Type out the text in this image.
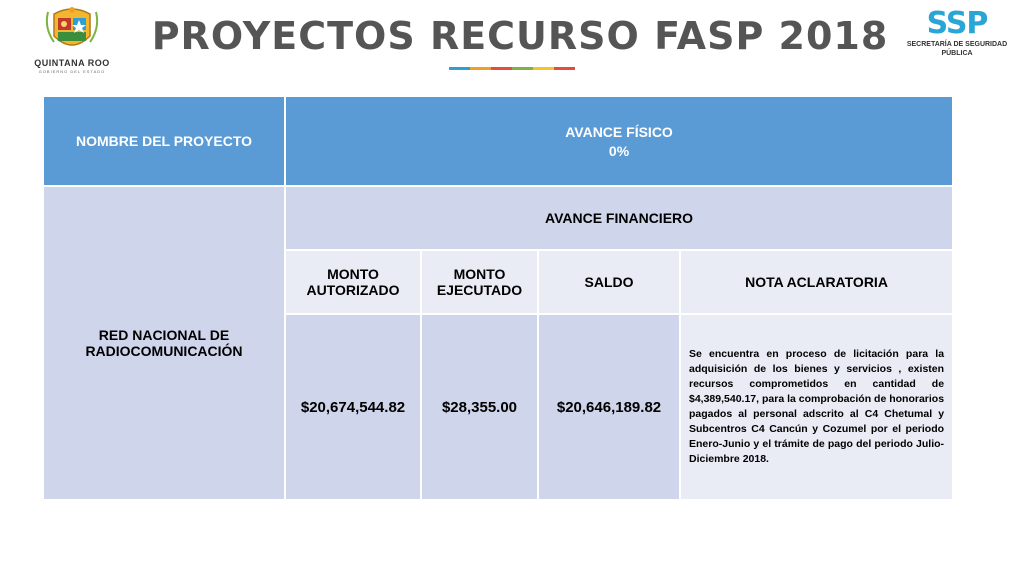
QUINTANA ROO
GOBIERNO DEL ESTADO
PROYECTOS RECURSO FASP 2018	SSP
SECRETARÍA DE SEGURIDAD
PÚBLICA
NOMBRE DEL PROYECTO	AVANCE FÍSICO
0%			

RED NACIONAL DE RADIOCOMUNICACIÓN	AVANCE FINANCIERO			
	MONTO AUTORIZADO	MONTO EJECUTADO	SALDO	NOTA ACLARATORIA
	$20,674,544.82	$28,355.00	$20,646,189.82	Se encuentra en proceso de licitación para la adquisición de los bienes y servicios , existen recursos comprometidos en cantidad de $4,389,540.17, para la comprobación de honorarios pagados al personal adscrito al C4 Chetumal y Subcentros C4 Cancún y Cozumel por el periodo Enero-Junio y el trámite de pago del periodo Julio-Diciembre 2018.
